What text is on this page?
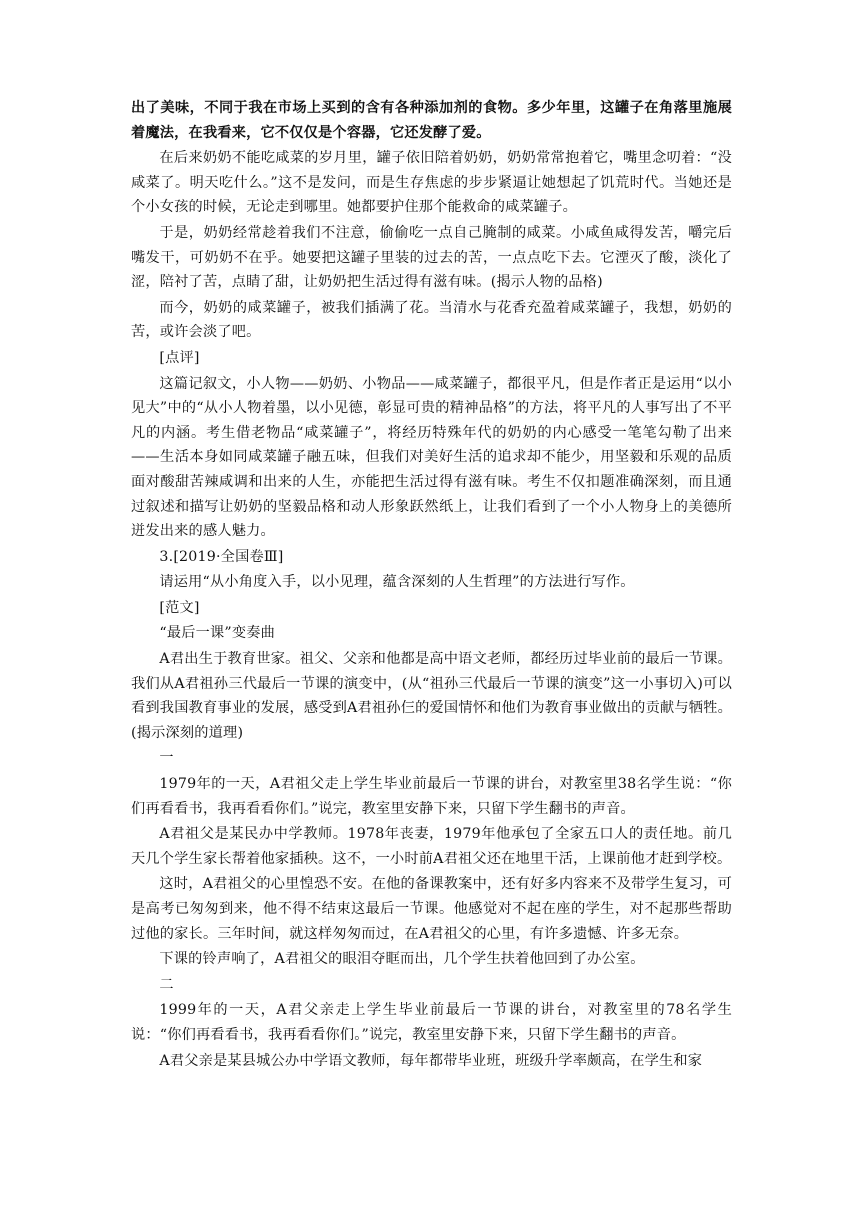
出了美味，不同于我在市场上买到的含有各种添加剂的食物。多少年里，这罐子在角落里施展着魔法，在我看来，它不仅仅是个容器，它还发酵了爱。

在后来奶奶不能吃咸菜的岁月里，罐子依旧陪着奶奶，奶奶常常抱着它，嘴里念叨着：“没咸菜了。明天吃什么。”这不是发问，而是生存焦虑的步步紧逼让她想起了饥荒时代。当她还是个小女孩的时候，无论走到哪里。她都要护住那个能救命的咸菜罐子。

于是，奶奶经常趁着我们不注意，偷偷吃一点自己腌制的咸菜。小咸鱼咸得发苦，嚼完后嘴发干，可奶奶不在乎。她要把这罐子里装的过去的苦，一点点吃下去。它湮灭了酸，淡化了涩，陪衬了苦，点睛了甜，让奶奶把生活过得有滋有味。(揭示人物的品格)

而今，奶奶的咸菜罐子，被我们插满了花。当清水与花香充盈着咸菜罐子，我想，奶奶的苦，或许会淡了吧。

[点评]

这篇记叙文，小人物——奶奶、小物品——咸菜罐子，都很平凡，但是作者正是运用“以小见大”中的“从小人物着墨，以小见德，彰显可贵的精神品格”的方法，将平凡的人事写出了不平凡的内涵。考生借老物品“咸菜罐子”，将经历特殊年代的奶奶的内心感受一笔笔勾勒了出来——生活本身如同咸菜罐子融五味，但我们对美好生活的追求却不能少，用坚毅和乐观的品质面对酸甜苦辣咸调和出来的人生，亦能把生活过得有滋有味。考生不仅扣题准确深刻，而且通过叙述和描写让奶奶的坚毅品格和动人形象跃然纸上，让我们看到了一个小人物身上的美德所迸发出来的感人魅力。

3.[2019·全国卷Ⅲ]

请运用“从小角度入手，以小见理，蕴含深刻的人生哲理”的方法进行写作。

[范文]

“最后一课”变奏曲

A君出生于教育世家。祖父、父亲和他都是高中语文老师，都经历过毕业前的最后一节课。我们从A君祖孙三代最后一节课的演变中，(从“祖孙三代最后一节课的演变”这一小事切入)可以看到我国教育事业的发展，感受到A君祖孙仨的爱国情怀和他们为教育事业做出的贡献与牺牲。(揭示深刻的道理)

一

1979年的一天，A君祖父走上学生毕业前最后一节课的讲台，对教室里38名学生说：“你们再看看书，我再看看你们。”说完，教室里安静下来，只留下学生翻书的声音。

A君祖父是某民办中学教师。1978年丧妻，1979年他承包了全家五口人的责任地。前几天几个学生家长帮着他家插秧。这不，一小时前A君祖父还在地里干活，上课前他才赶到学校。

这时，A君祖父的心里惶恐不安。在他的备课教案中，还有好多内容来不及带学生复习，可是高考已匆匆到来，他不得不结束这最后一节课。他感觉对不起在座的学生，对不起那些帮助过他的家长。三年时间，就这样匆匆而过，在A君祖父的心里，有许多遗憾、许多无奈。

下课的铃声响了，A君祖父的眼泪夺眶而出，几个学生扶着他回到了办公室。

二

1999年的一天，A君父亲走上学生毕业前最后一节课的讲台，对教室里的78名学生说：“你们再看看书，我再看看你们。”说完，教室里安静下来，只留下学生翻书的声音。

A君父亲是某县城公办中学语文教师，每年都带毕业班，班级升学率颇高，在学生和家
